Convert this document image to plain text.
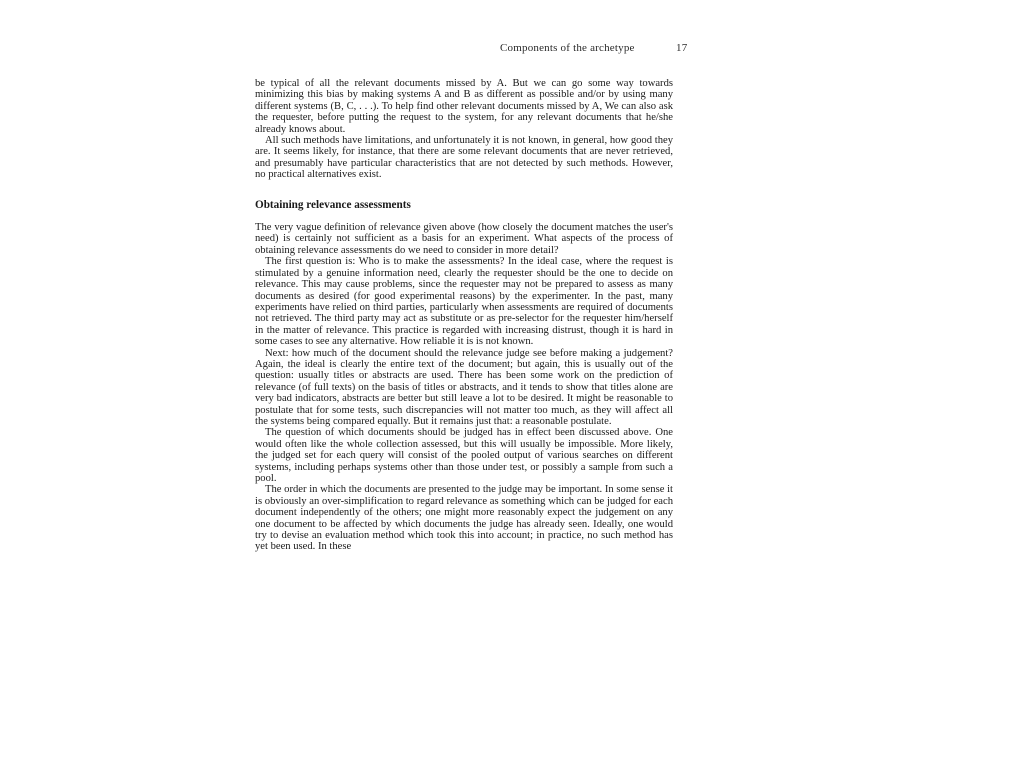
Components of the archetype	17

be typical of all the relevant documents missed by A. But we can go some way towards minimizing this bias by making systems A and B as different as possible and/or by using many different systems (B, C, . . .). To help find other relevant documents missed by A, We can also ask the requester, before putting the request to the system, for any relevant documents that he/she already knows about.

All such methods have limitations, and unfortunately it is not known, in general, how good they are. It seems likely, for instance, that there are some relevant documents that are never retrieved, and presumably have particular characteristics that are not detected by such methods. However, no practical alternatives exist.

Obtaining relevance assessments

The very vague definition of relevance given above (how closely the document matches the user's need) is certainly not sufficient as a basis for an experiment. What aspects of the process of obtaining relevance assessments do we need to consider in more detail?

The first question is: Who is to make the assessments? In the ideal case, where the request is stimulated by a genuine information need, clearly the requester should be the one to decide on relevance. This may cause problems, since the requester may not be prepared to assess as many documents as desired (for good experimental reasons) by the experimenter. In the past, many experiments have relied on third parties, particularly when assessments are required of documents not retrieved. The third party may act as substitute or as pre-selector for the requester him/herself in the matter of relevance. This practice is regarded with increasing distrust, though it is hard in some cases to see any alternative. How reliable it is is not known.

Next: how much of the document should the relevance judge see before making a judgement? Again, the ideal is clearly the entire text of the document; but again, this is usually out of the question: usually titles or abstracts are used. There has been some work on the prediction of relevance (of full texts) on the basis of titles or abstracts, and it tends to show that titles alone are very bad indicators, abstracts are better but still leave a lot to be desired. It might be reasonable to postulate that for some tests, such discrepancies will not matter too much, as they will affect all the systems being compared equally. But it remains just that: a reasonable postulate.

The question of which documents should be judged has in effect been discussed above. One would often like the whole collection assessed, but this will usually be impossible. More likely, the judged set for each query will consist of the pooled output of various searches on different systems, including perhaps systems other than those under test, or possibly a sample from such a pool.

The order in which the documents are presented to the judge may be important. In some sense it is obviously an over-simplification to regard relevance as something which can be judged for each document independently of the others; one might more reasonably expect the judgement on any one document to be affected by which documents the judge has already seen. Ideally, one would try to devise an evaluation method which took this into account; in practice, no such method has yet been used. In these
